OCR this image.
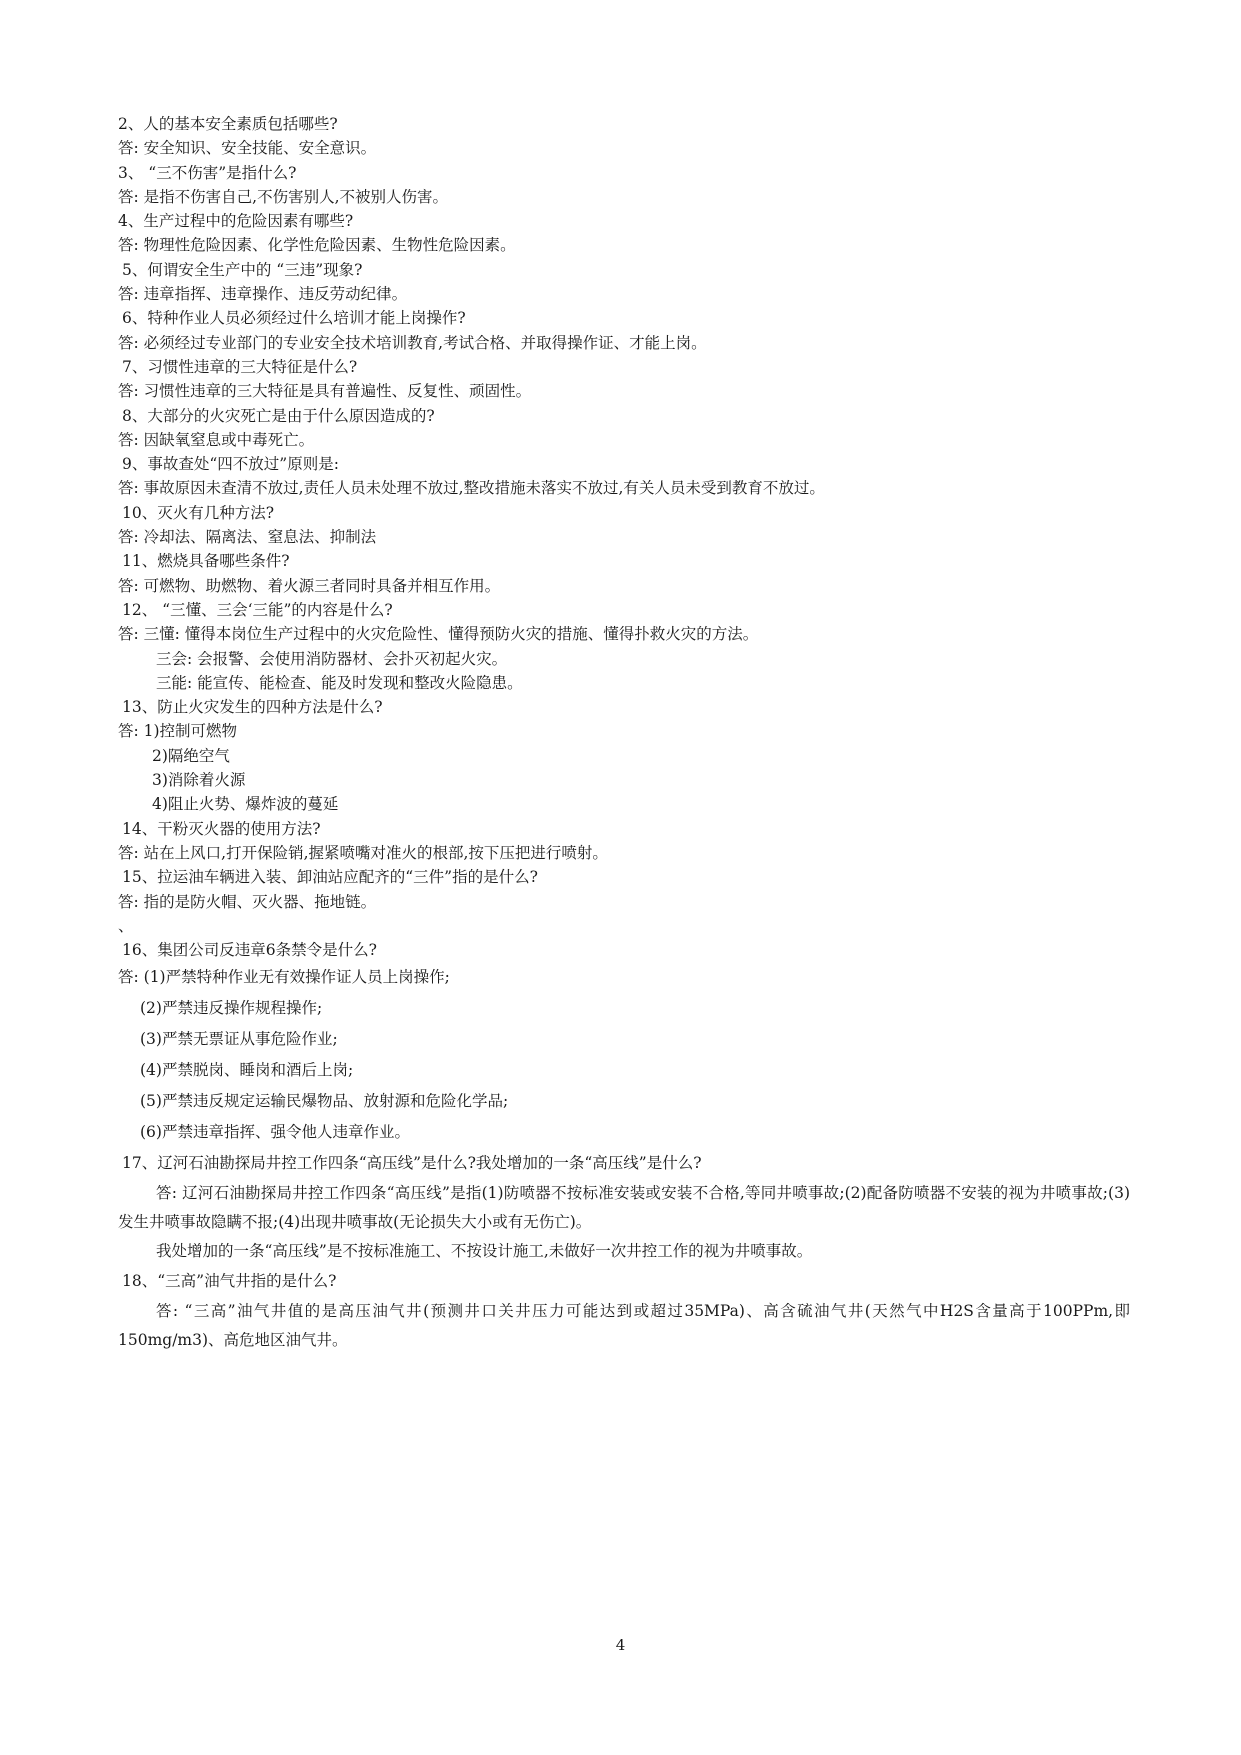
2、人的基本安全素质包括哪些?
答: 安全知识、安全技能、安全意识。
3、 “三不伤害”是指什么?
答: 是指不伤害自己,不伤害别人,不被别人伤害。
4、生产过程中的危险因素有哪些?
答: 物理性危险因素、化学性危险因素、生物性危险因素。
5、何谓安全生产中的 “三违”现象?
答: 违章指挥、违章操作、违反劳动纪律。
6、特种作业人员必须经过什么培训才能上岗操作?
答: 必须经过专业部门的专业安全技术培训教育,考试合格、并取得操作证、才能上岗。
7、习惯性违章的三大特征是什么?
答: 习惯性违章的三大特征是具有普遍性、反复性、顽固性。
8、大部分的火灾死亡是由于什么原因造成的?
答: 因缺氧窒息或中毒死亡。
9、事故查处“四不放过”原则是:
答: 事故原因未查清不放过,责任人员未处理不放过,整改措施未落实不放过,有关人员未受到教育不放过。
10、灭火有几种方法?
答: 冷却法、隔离法、窒息法、抑制法
11、燃烧具备哪些条件?
答: 可燃物、助燃物、着火源三者同时具备并相互作用。
12、 “三懂、三会‘三能”的内容是什么?
答: 三懂: 懂得本岗位生产过程中的火灾危险性、懂得预防火灾的措施、懂得扑救火灾的方法。
三会: 会报警、会使用消防器材、会扑灭初起火灾。
三能: 能宣传、能检查、能及时发现和整改火险隐患。
13、防止火灾发生的四种方法是什么?
答: 1)控制可燃物
2)隔绝空气
3)消除着火源
4)阻止火势、爆炸波的蔓延
14、干粉灭火器的使用方法?
答: 站在上风口,打开保险销,握紧喷嘴对准火的根部,按下压把进行喷射。
15、拉运油车辆进入装、卸油站应配齐的“三件”指的是什么?
答: 指的是防火帽、灭火器、拖地链。
、
16、集团公司反违章6条禁令是什么?
答: (1)严禁特种作业无有效操作证人员上岗操作;
(2)严禁违反操作规程操作;
(3)严禁无票证从事危险作业;
(4)严禁脱岗、睡岗和酒后上岗;
(5)严禁违反规定运输民爆物品、放射源和危险化学品;
(6)严禁违章指挥、强令他人违章作业。
17、辽河石油勘探局井控工作四条“高压线”是什么?我处增加的一条“高压线”是什么?

答: 辽河石油勘探局井控工作四条“高压线”是指(1)防喷器不按标准安装或安装不合格,等同井喷事故;(2)配备防喷器不安装的视为井喷事故;(3)发生井喷事故隐瞒不报;(4)出现井喷事故(无论损失大小或有无伤亡)。

我处增加的一条“高压线”是不按标准施工、不按设计施工,未做好一次井控工作的视为井喷事故。

18、“三高”油气井指的是什么?

答: “三高”油气井值的是高压油气井(预测井口关井压力可能达到或超过35MPa)、高含硫油气井(天然气中H2S含量高于100PPm,即150mg/m3)、高危地区油气井。

4
